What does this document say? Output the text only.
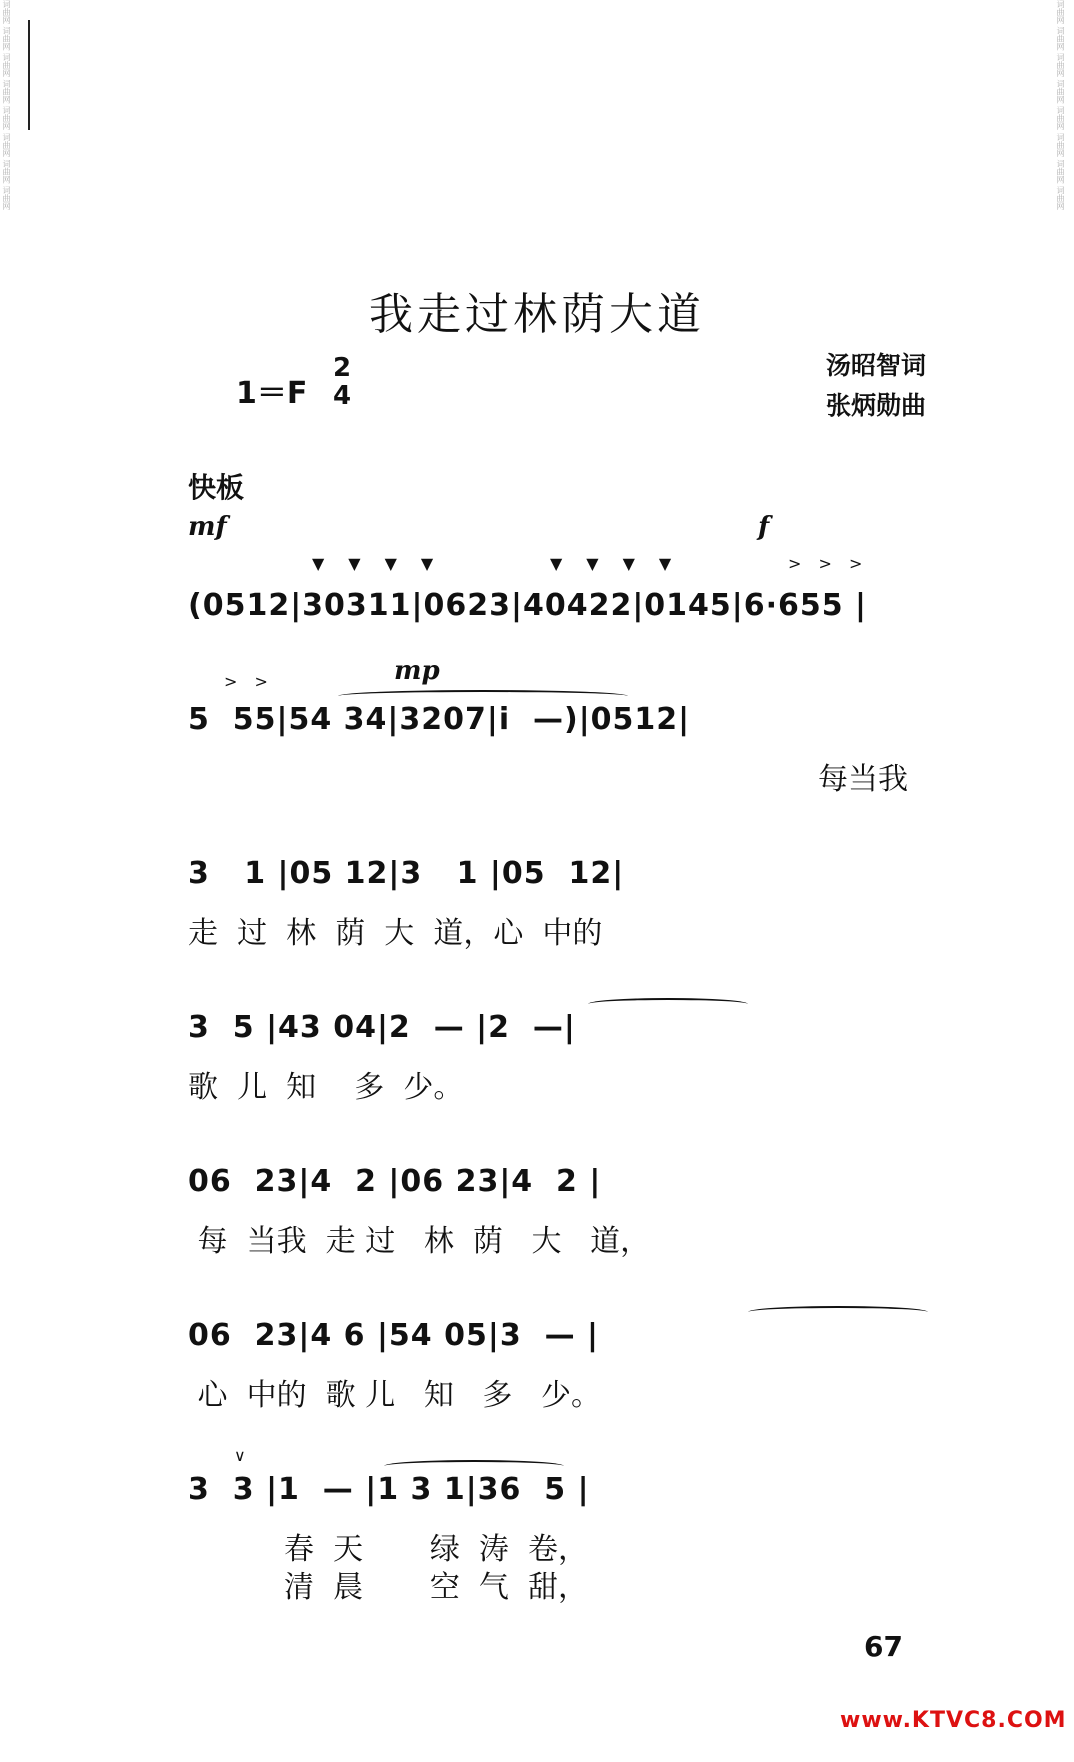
词曲网 词曲网 词曲网 词曲网 词曲网 词曲网 词曲网 词曲网
词曲网 词曲网 词曲网 词曲网 词曲网 词曲网 词曲网 词曲网
我走过林荫大道
1＝F
2
4
汤昭智词
张炳勋曲
快板
mf	f
mp
▼▼▼▼	▼▼▼▼	> > >
(0512|30311|0623|40422|0145|6·655 |
> >
5  55|54 34|3207|i  —)|0512|
每当我
3   1 |05 12|3   1 |05  12|
走  过  林  荫  大  道，心  中的
3  5 |43 04|2  — |2  —|
歌  儿  知    多  少。
06  23|4  2 |06 23|4  2 |
每  当我  走 过   林  荫   大   道，
06  23|4 6 |54 05|3  — |
心  中的  歌 儿   知   多   少。
∨
3  3 |1  — |1 3 1|36  5 |
春  天       绿  涛  卷，
清  晨       空  气  甜，
67
www.KTVC8.COM
